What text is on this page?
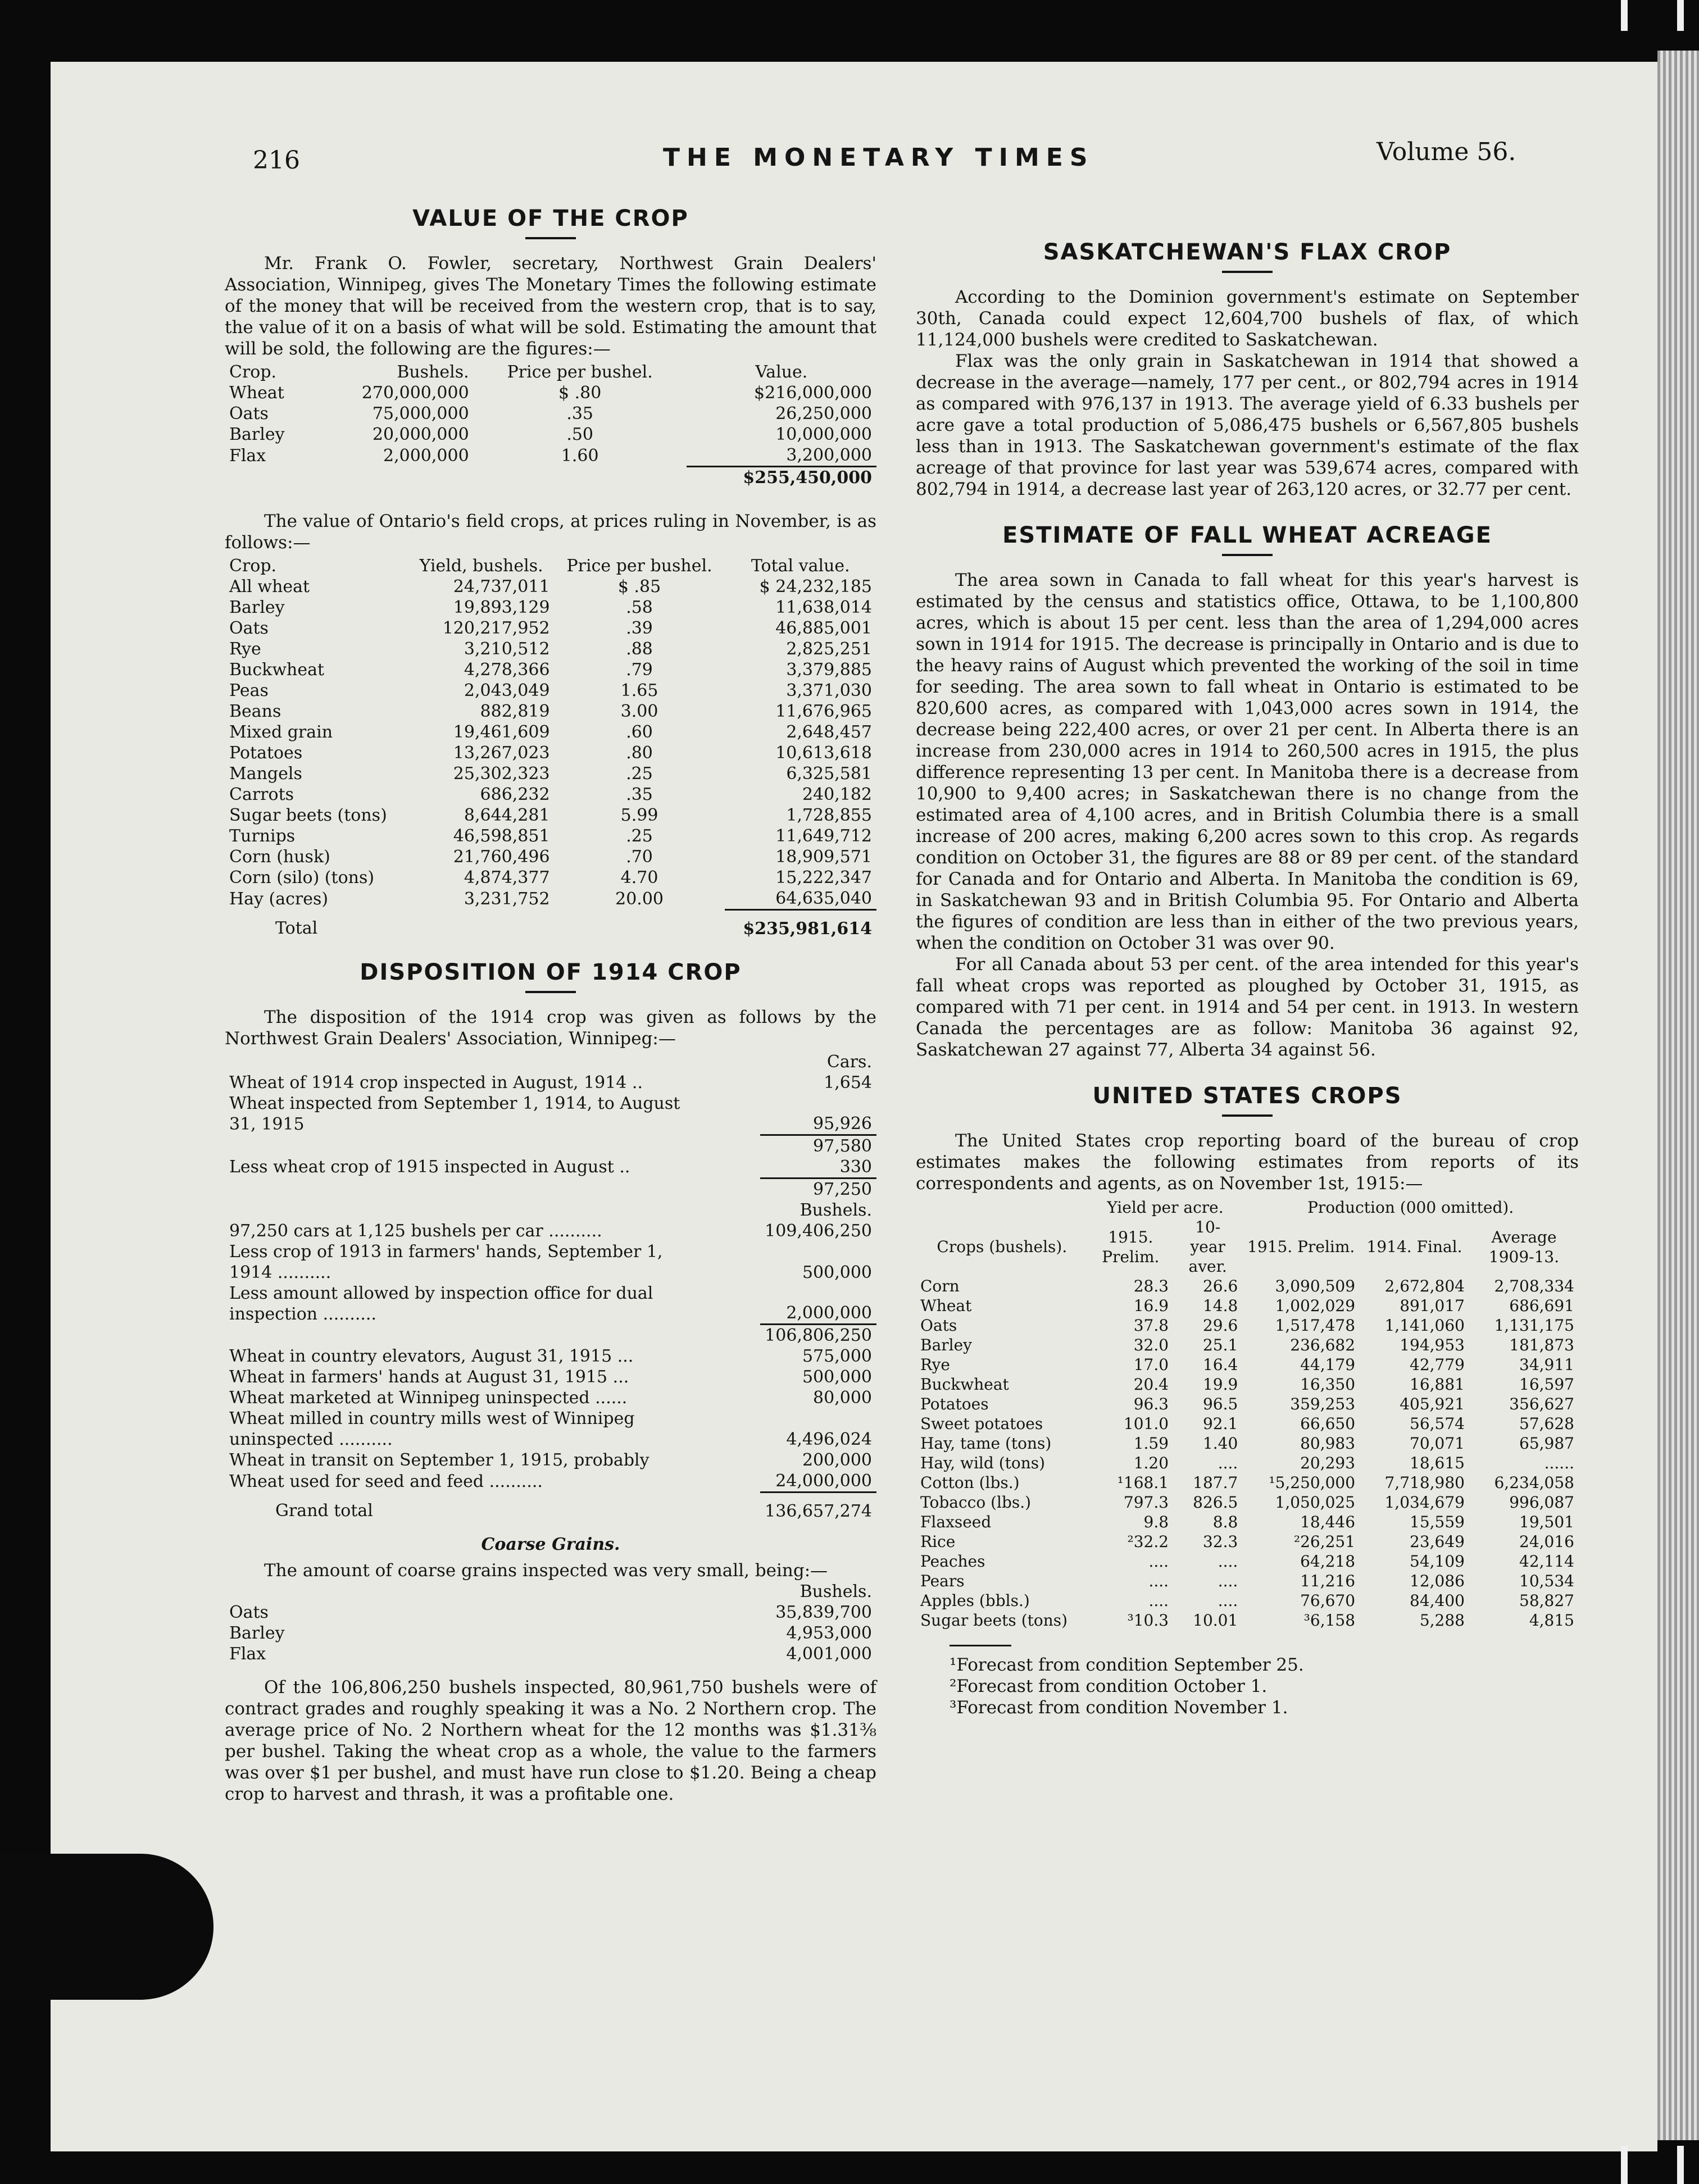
216	THE MONETARY TIMES	Volume 56.
VALUE OF THE CROP

Mr. Frank O. Fowler, secretary, Northwest Grain Dealers' Association, Winnipeg, gives The Monetary Times the following estimate of the money that will be received from the western crop, that is to say, the value of it on a basis of what will be sold. Estimating the amount that will be sold, the following are the figures:—

Crop.	Bushels.	Price per bushel.	Value.
Wheat	270,000,000	$ .80	$216,000,000
Oats	75,000,000	.35	26,250,000
Barley	20,000,000	.50	10,000,000
Flax	2,000,000	1.60	3,200,000
			$255,450,000

The value of Ontario's field crops, at prices ruling in November, is as follows:—

Crop.	Yield, bushels.	Price per bushel.	Total value.
All wheat	24,737,011	$ .85	$ 24,232,185
Barley	19,893,129	.58	11,638,014
Oats	120,217,952	.39	46,885,001
Rye	3,210,512	.88	2,825,251
Buckwheat	4,278,366	.79	3,379,885
Peas	2,043,049	1.65	3,371,030
Beans	882,819	3.00	11,676,965
Mixed grain	19,461,609	.60	2,648,457
Potatoes	13,267,023	.80	10,613,618
Mangels	25,302,323	.25	6,325,581
Carrots	686,232	.35	240,182
Sugar beets (tons)	8,644,281	5.99	1,728,855
Turnips	46,598,851	.25	11,649,712
Corn (husk)	21,760,496	.70	18,909,571
Corn (silo) (tons)	4,874,377	4.70	15,222,347
Hay (acres)	3,231,752	20.00	64,635,040
Total			$235,981,614
DISPOSITION OF 1914 CROP

The disposition of the 1914 crop was given as follows by the Northwest Grain Dealers' Association, Winnipeg:—

	Cars.
Wheat of 1914 crop inspected in August, 1914 ..	1,654
Wheat inspected from September 1, 1914, to August 31, 1915	95,926
	97,580
Less wheat crop of 1915 inspected in August ..	330
	97,250
	Bushels.
97,250 cars at 1,125 bushels per car ..........	109,406,250
Less crop of 1913 in farmers' hands, September 1, 1914 ..........	500,000
Less amount allowed by inspection office for dual inspection ..........	2,000,000
	106,806,250
Wheat in country elevators, August 31, 1915 ...	575,000
Wheat in farmers' hands at August 31, 1915 ...	500,000
Wheat marketed at Winnipeg uninspected ......	80,000
Wheat milled in country mills west of Winnipeg uninspected ..........	4,496,024
Wheat in transit on September 1, 1915, probably	200,000
Wheat used for seed and feed ..........	24,000,000
Grand total	136,657,274
Coarse Grains.

The amount of coarse grains inspected was very small, being:—

	Bushels.
Oats	35,839,700
Barley	4,953,000
Flax	4,001,000

Of the 106,806,250 bushels inspected, 80,961,750 bushels were of contract grades and roughly speaking it was a No. 2 Northern crop. The average price of No. 2 Northern wheat for the 12 months was $1.31⅜ per bushel. Taking the wheat crop as a whole, the value to the farmers was over $1 per bushel, and must have run close to $1.20. Being a cheap crop to harvest and thrash, it was a profitable one.

SASKATCHEWAN'S FLAX CROP

According to the Dominion government's estimate on September 30th, Canada could expect 12,604,700 bushels of flax, of which 11,124,000 bushels were credited to Saskatchewan.

Flax was the only grain in Saskatchewan in 1914 that showed a decrease in the average—namely, 177 per cent., or 802,794 acres in 1914 as compared with 976,137 in 1913. The average yield of 6.33 bushels per acre gave a total production of 5,086,475 bushels or 6,567,805 bushels less than in 1913. The Saskatchewan government's estimate of the flax acreage of that province for last year was 539,674 acres, compared with 802,794 in 1914, a decrease last year of 263,120 acres, or 32.77 per cent.

ESTIMATE OF FALL WHEAT ACREAGE

The area sown in Canada to fall wheat for this year's harvest is estimated by the census and statistics office, Ottawa, to be 1,100,800 acres, which is about 15 per cent. less than the area of 1,294,000 acres sown in 1914 for 1915. The decrease is principally in Ontario and is due to the heavy rains of August which prevented the working of the soil in time for seeding. The area sown to fall wheat in Ontario is estimated to be 820,600 acres, as compared with 1,043,000 acres sown in 1914, the decrease being 222,400 acres, or over 21 per cent. In Alberta there is an increase from 230,000 acres in 1914 to 260,500 acres in 1915, the plus difference representing 13 per cent. In Manitoba there is a decrease from 10,900 to 9,400 acres; in Saskatchewan there is no change from the estimated area of 4,100 acres, and in British Columbia there is a small increase of 200 acres, making 6,200 acres sown to this crop. As regards condition on October 31, the figures are 88 or 89 per cent. of the standard for Canada and for Ontario and Alberta. In Manitoba the condition is 69, in Saskatchewan 93 and in British Columbia 95. For Ontario and Alberta the figures of condition are less than in either of the two previous years, when the condition on October 31 was over 90.

For all Canada about 53 per cent. of the area intended for this year's fall wheat crops was reported as ploughed by October 31, 1915, as compared with 71 per cent. in 1914 and 54 per cent. in 1913. In western Canada the percentages are as follow: Manitoba 36 against 92, Saskatchewan 27 against 77, Alberta 34 against 56.

UNITED STATES CROPS

The United States crop reporting board of the bureau of crop estimates makes the following estimates from reports of its correspondents and agents, as on November 1st, 1915:—

	Yield per acre.		Production (000 omitted).		
Crops (bushels).	1915. Prelim.	10-year aver.	1915. Prelim.	1914. Final.	Average 1909-13.
Corn	28.3	26.6	3,090,509	2,672,804	2,708,334
Wheat	16.9	14.8	1,002,029	891,017	686,691
Oats	37.8	29.6	1,517,478	1,141,060	1,131,175
Barley	32.0	25.1	236,682	194,953	181,873
Rye	17.0	16.4	44,179	42,779	34,911
Buckwheat	20.4	19.9	16,350	16,881	16,597
Potatoes	96.3	96.5	359,253	405,921	356,627
Sweet potatoes	101.0	92.1	66,650	56,574	57,628
Hay, tame (tons)	1.59	1.40	80,983	70,071	65,987
Hay, wild (tons)	1.20	....	20,293	18,615	......
Cotton (lbs.)	¹168.1	187.7	¹5,250,000	7,718,980	6,234,058
Tobacco (lbs.)	797.3	826.5	1,050,025	1,034,679	996,087
Flaxseed	9.8	8.8	18,446	15,559	19,501
Rice	²32.2	32.3	²26,251	23,649	24,016
Peaches	....	....	64,218	54,109	42,114
Pears	....	....	11,216	12,086	10,534
Apples (bbls.)	....	....	76,670	84,400	58,827
Sugar beets (tons)	³10.3	10.01	³6,158	5,288	4,815
¹Forecast from condition September 25.
²Forecast from condition October 1.
³Forecast from condition November 1.
